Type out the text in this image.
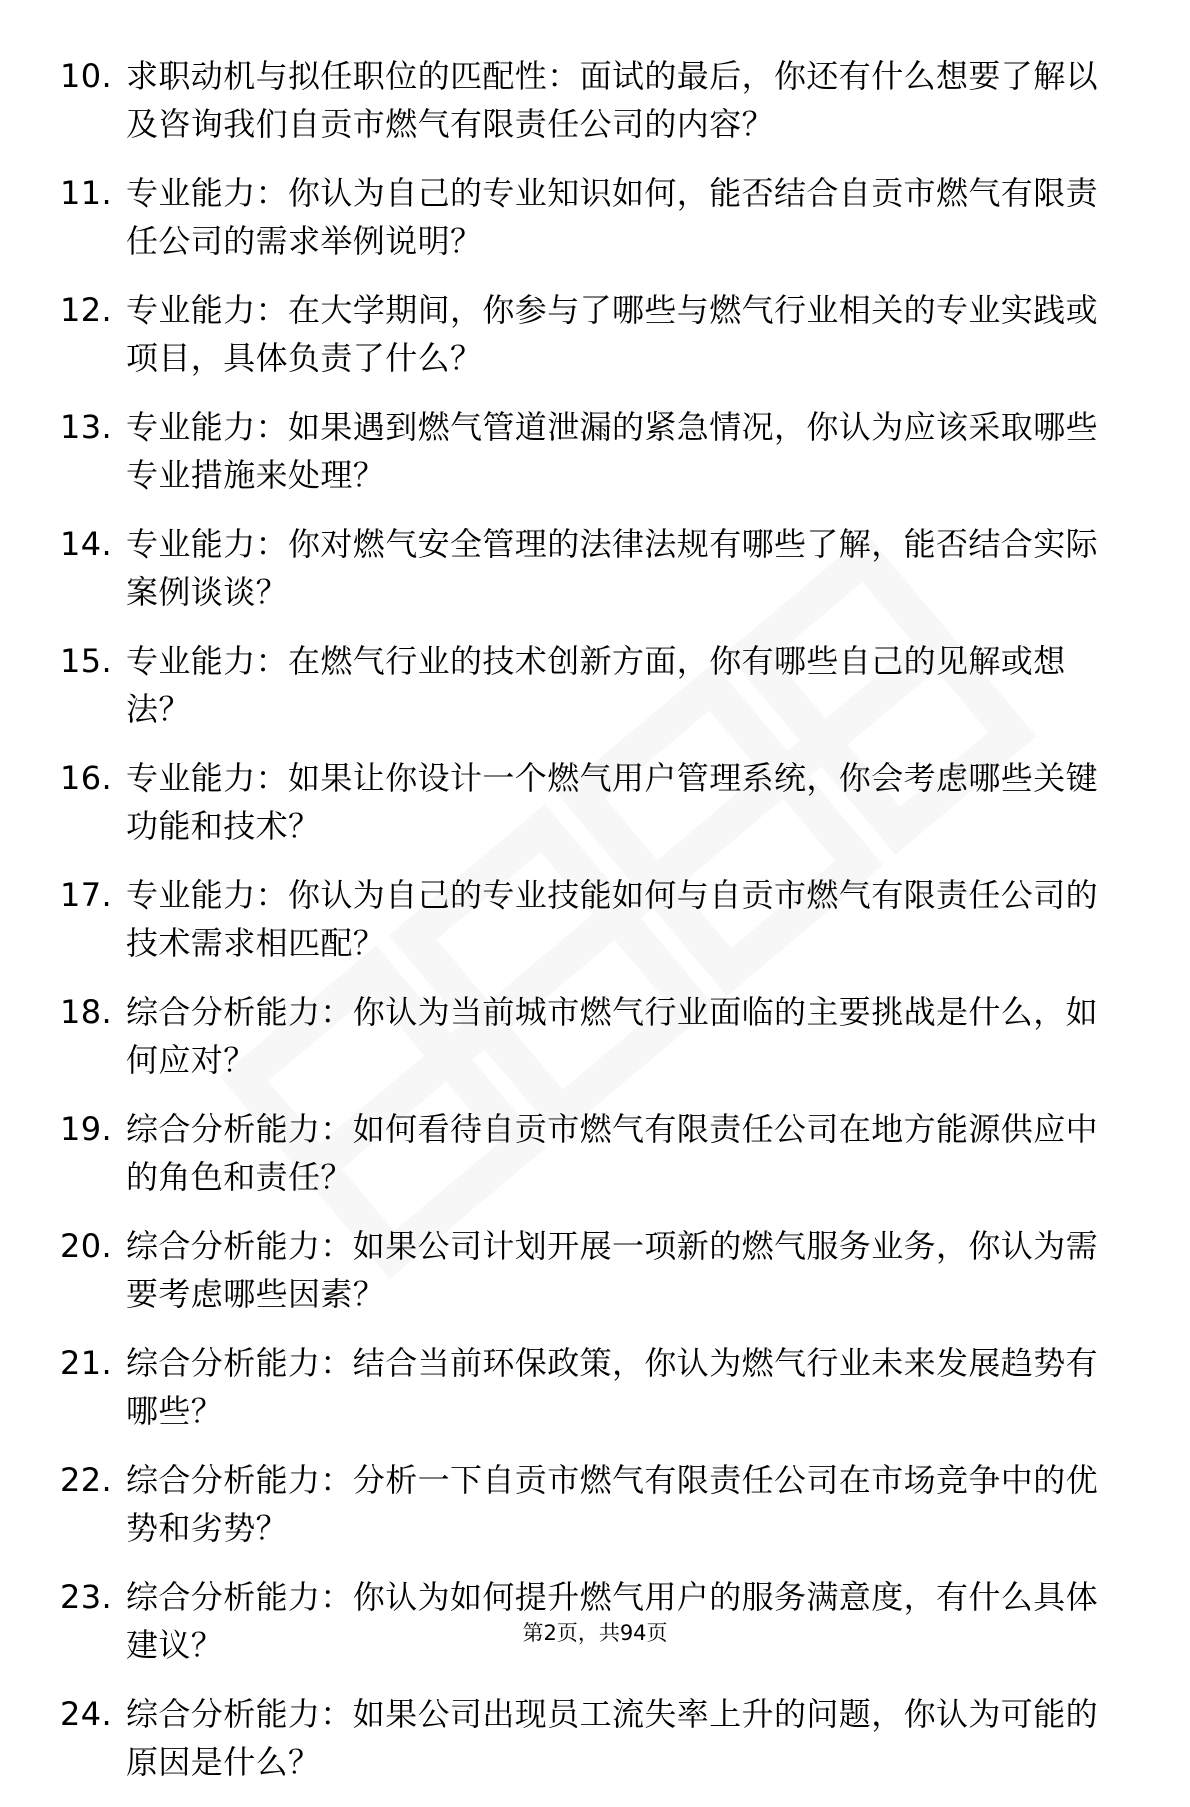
10. 求职动机与拟任职位的匹配性：面试的最后，你还有什么想要了解以及咨询我们自贡市燃气有限责任公司的内容？
11. 专业能力：你认为自己的专业知识如何，能否结合自贡市燃气有限责任公司的需求举例说明？
12. 专业能力：在大学期间，你参与了哪些与燃气行业相关的专业实践或项目，具体负责了什么？
13. 专业能力：如果遇到燃气管道泄漏的紧急情况，你认为应该采取哪些专业措施来处理？
14. 专业能力：你对燃气安全管理的法律法规有哪些了解，能否结合实际案例谈谈？
15. 专业能力：在燃气行业的技术创新方面，你有哪些自己的见解或想法？
16. 专业能力：如果让你设计一个燃气用户管理系统，你会考虑哪些关键功能和技术？
17. 专业能力：你认为自己的专业技能如何与自贡市燃气有限责任公司的技术需求相匹配？
18. 综合分析能力：你认为当前城市燃气行业面临的主要挑战是什么，如何应对？
19. 综合分析能力：如何看待自贡市燃气有限责任公司在地方能源供应中的角色和责任？
20. 综合分析能力：如果公司计划开展一项新的燃气服务业务，你认为需要考虑哪些因素？
21. 综合分析能力：结合当前环保政策，你认为燃气行业未来发展趋势有哪些？
22. 综合分析能力：分析一下自贡市燃气有限责任公司在市场竞争中的优势和劣势？
23. 综合分析能力：你认为如何提升燃气用户的服务满意度，有什么具体建议？
24. 综合分析能力：如果公司出现员工流失率上升的问题，你认为可能的原因是什么？
第2页，共94页
